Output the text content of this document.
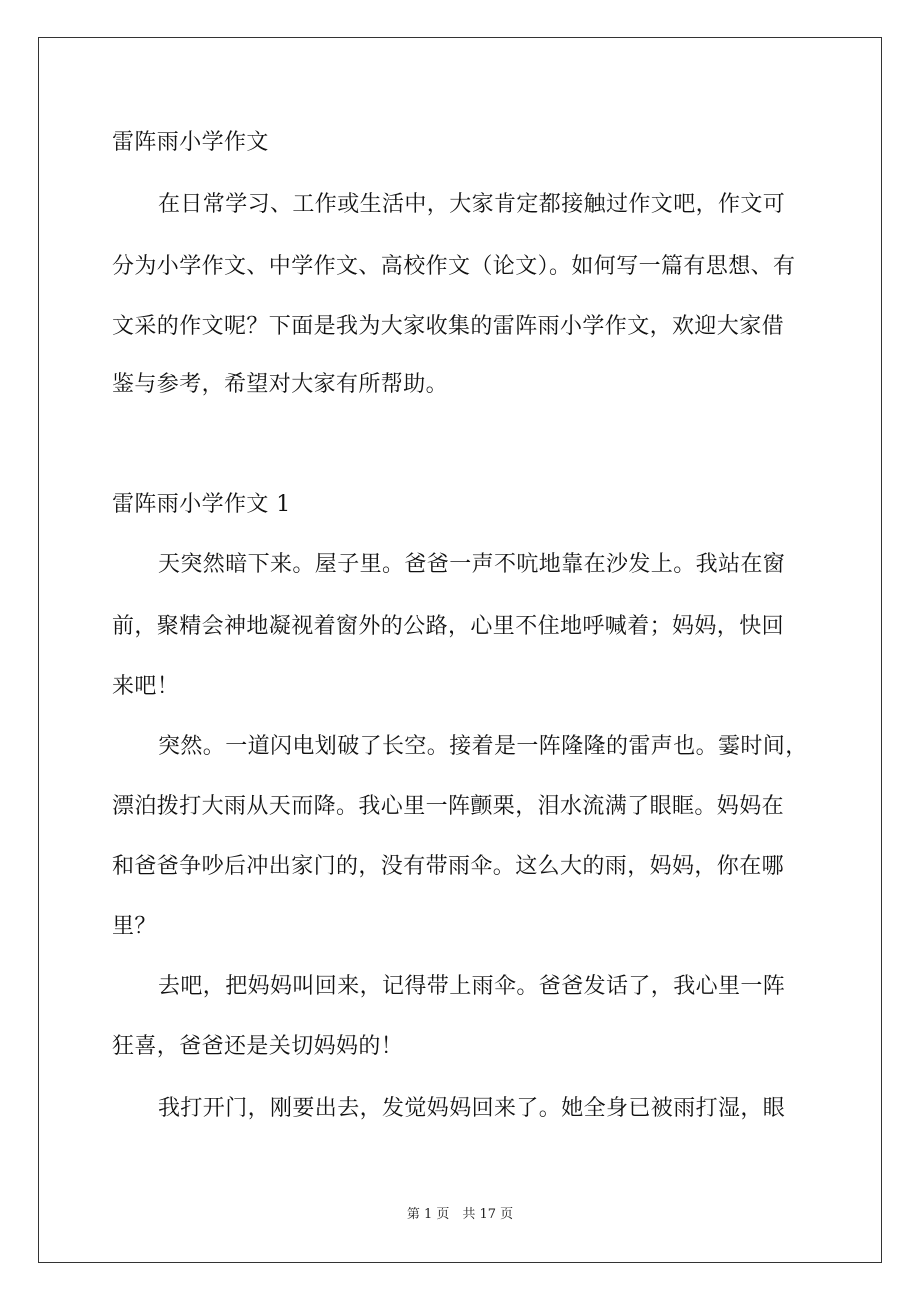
雷阵雨小学作文
在日常学习、工作或生活中，大家肯定都接触过作文吧，作文可
分为小学作文、中学作文、高校作文（论文）。如何写一篇有思想、有
文采的作文呢？下面是我为大家收集的雷阵雨小学作文，欢迎大家借
鉴与参考，希望对大家有所帮助。
雷阵雨小学作文 1
天突然暗下来。屋子里。爸爸一声不吭地靠在沙发上。我站在窗
前，聚精会神地凝视着窗外的公路，心里不住地呼喊着；妈妈，快回
来吧！
突然。一道闪电划破了长空。接着是一阵隆隆的雷声也。霎时间，
漂泊拨打大雨从天而降。我心里一阵颤栗，泪水流满了眼眶。妈妈在
和爸爸争吵后冲出家门的，没有带雨伞。这么大的雨，妈妈，你在哪
里？
去吧，把妈妈叫回来，记得带上雨伞。爸爸发话了，我心里一阵
狂喜，爸爸还是关切妈妈的！
我打开门，刚要出去，发觉妈妈回来了。她全身已被雨打湿，眼
第 1 页　共 17 页
